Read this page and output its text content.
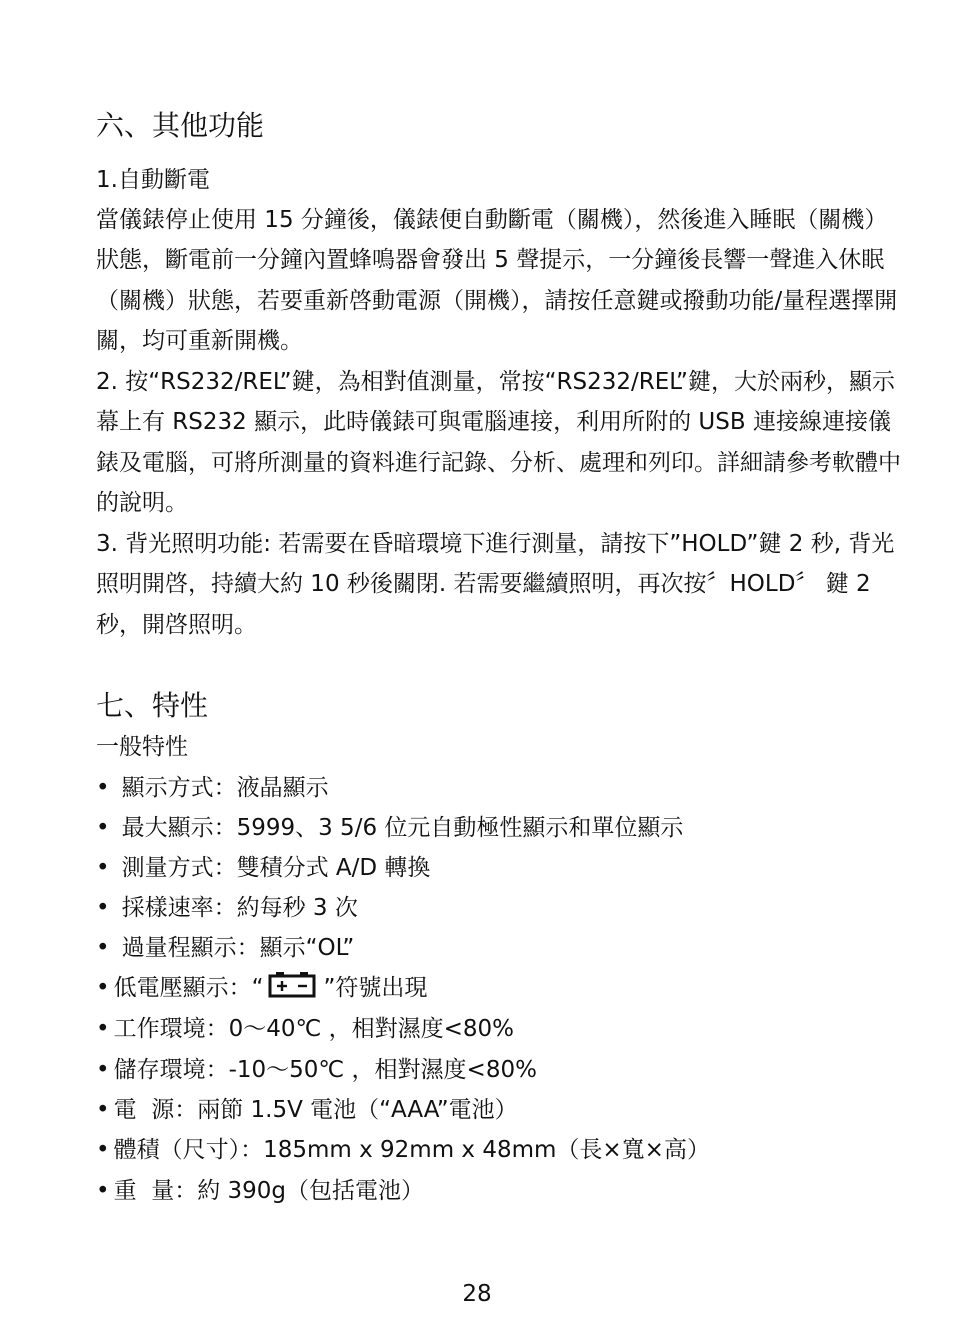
六、其他功能
1.自動斷電
當儀錶停止使用 15 分鐘後，儀錶便自動斷電（關機），然後進入睡眠（關機）狀態，斷電前一分鐘內置蜂鳴器會發出 5 聲提示，一分鐘後長響一聲進入休眠（關機）狀態，若要重新啓動電源（開機），請按任意鍵或撥動功能/量程選擇開關，均可重新開機。
2. 按“RS232/REL”鍵，為相對值測量，常按“RS232/REL”鍵，大於兩秒，顯示幕上有 RS232 顯示，此時儀錶可與電腦連接，利用所附的 USB 連接線連接儀錶及電腦，可將所測量的資料進行記錄、分析、處理和列印。詳細請參考軟體中的說明。
3. 背光照明功能: 若需要在昏暗環境下進行測量，請按下”HOLD”鍵 2 秒, 背光照明開啓，持續大約 10 秒後關閉. 若需要繼續照明，再次按〞HOLD〞 鍵 2 秒，開啓照明。
七、特性
一般特性
• 顯示方式：液晶顯示
• 最大顯示：5999、3 5/6 位元自動極性顯示和單位顯示
• 測量方式：雙積分式 A/D 轉換
• 採樣速率：約每秒 3 次
• 過量程顯示：顯示“OL”
• 低電壓顯示：“	”符號出現
• 工作環境：0～40℃ ，相對濕度<80%
• 儲存環境：-10～50℃ ，相對濕度<80%
• 電  源：兩節 1.5V 電池（“AAA”電池）
• 體積（尺寸）：185mm x 92mm x 48mm（長×寬×高）
• 重  量：約 390g（包括電池）
28
